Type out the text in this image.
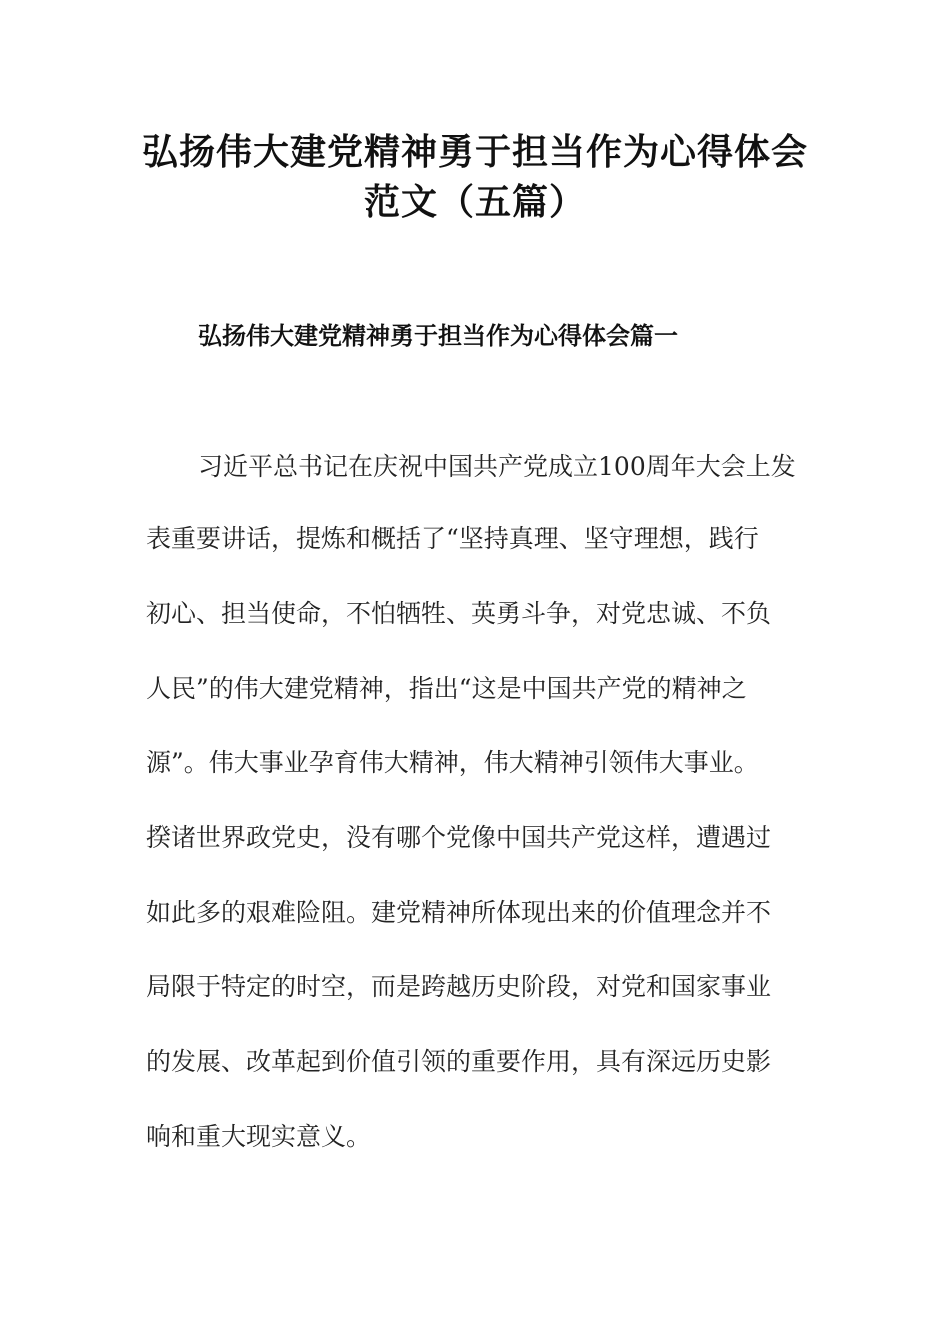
弘扬伟大建党精神勇于担当作为心得体会
范文（五篇）
弘扬伟大建党精神勇于担当作为心得体会篇一
习近平总书记在庆祝中国共产党成立100周年大会上发
表重要讲话，提炼和概括了“坚持真理、坚守理想，践行
初心、担当使命，不怕牺牲、英勇斗争，对党忠诚、不负
人民”的伟大建党精神，指出“这是中国共产党的精神之
源”。伟大事业孕育伟大精神，伟大精神引领伟大事业。
揆诸世界政党史，没有哪个党像中国共产党这样，遭遇过
如此多的艰难险阻。建党精神所体现出来的价值理念并不
局限于特定的时空，而是跨越历史阶段，对党和国家事业
的发展、改革起到价值引领的重要作用，具有深远历史影
响和重大现实意义。
